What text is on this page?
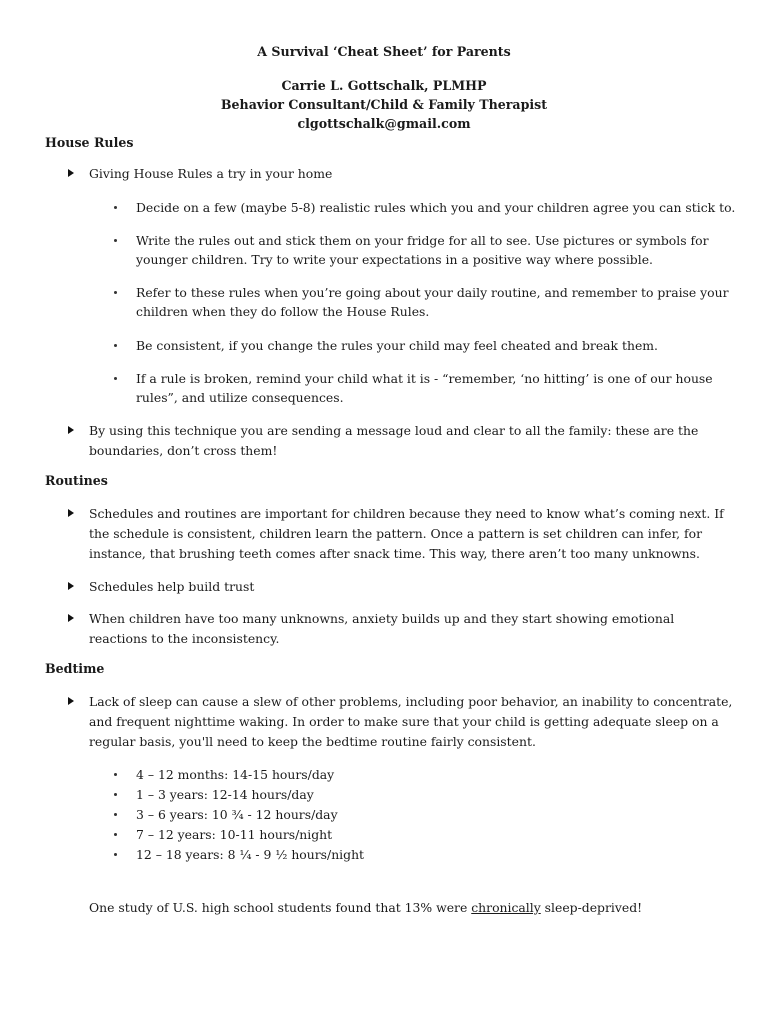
A Survival ‘Cheat Sheet’ for Parents
Carrie L. Gottschalk, PLMHP
Behavior Consultant/Child & Family Therapist
clgottschalk@gmail.com
House Rules
Giving House Rules a try in your home
Decide on a few (maybe 5-8) realistic rules which you and your children agree you can stick to.
Write the rules out and stick them on your fridge for all to see. Use pictures or symbols for
younger children. Try to write your expectations in a positive way where possible.
Refer to these rules when you’re going about your daily routine, and remember to praise your
children when they do follow the House Rules.
Be consistent, if you change the rules your child may feel cheated and break them.
If a rule is broken, remind your child what it is - “remember, ‘no hitting’ is one of our house
rules”, and utilize consequences.
By using this technique you are sending a message loud and clear to all the family: these are the
boundaries, don’t cross them!
Routines
Schedules and routines are important for children because they need to know what’s coming next. If
the schedule is consistent, children learn the pattern. Once a pattern is set children can infer, for
instance, that brushing teeth comes after snack time. This way, there aren’t too many unknowns.
Schedules help build trust
When children have too many unknowns, anxiety builds up and they start showing emotional
reactions to the inconsistency.
Bedtime
Lack of sleep can cause a slew of other problems, including poor behavior, an inability to concentrate,
and frequent nighttime waking. In order to make sure that your child is getting adequate sleep on a
regular basis, you'll need to keep the bedtime routine fairly consistent.
4 – 12 months: 14-15 hours/day
1 – 3 years: 12-14 hours/day
3 – 6 years: 10 ¾ - 12 hours/day
7 – 12 years: 10-11 hours/night
12 – 18 years: 8 ¼ - 9 ½ hours/night
One study of U.S. high school students found that 13% were chronically sleep-deprived!
